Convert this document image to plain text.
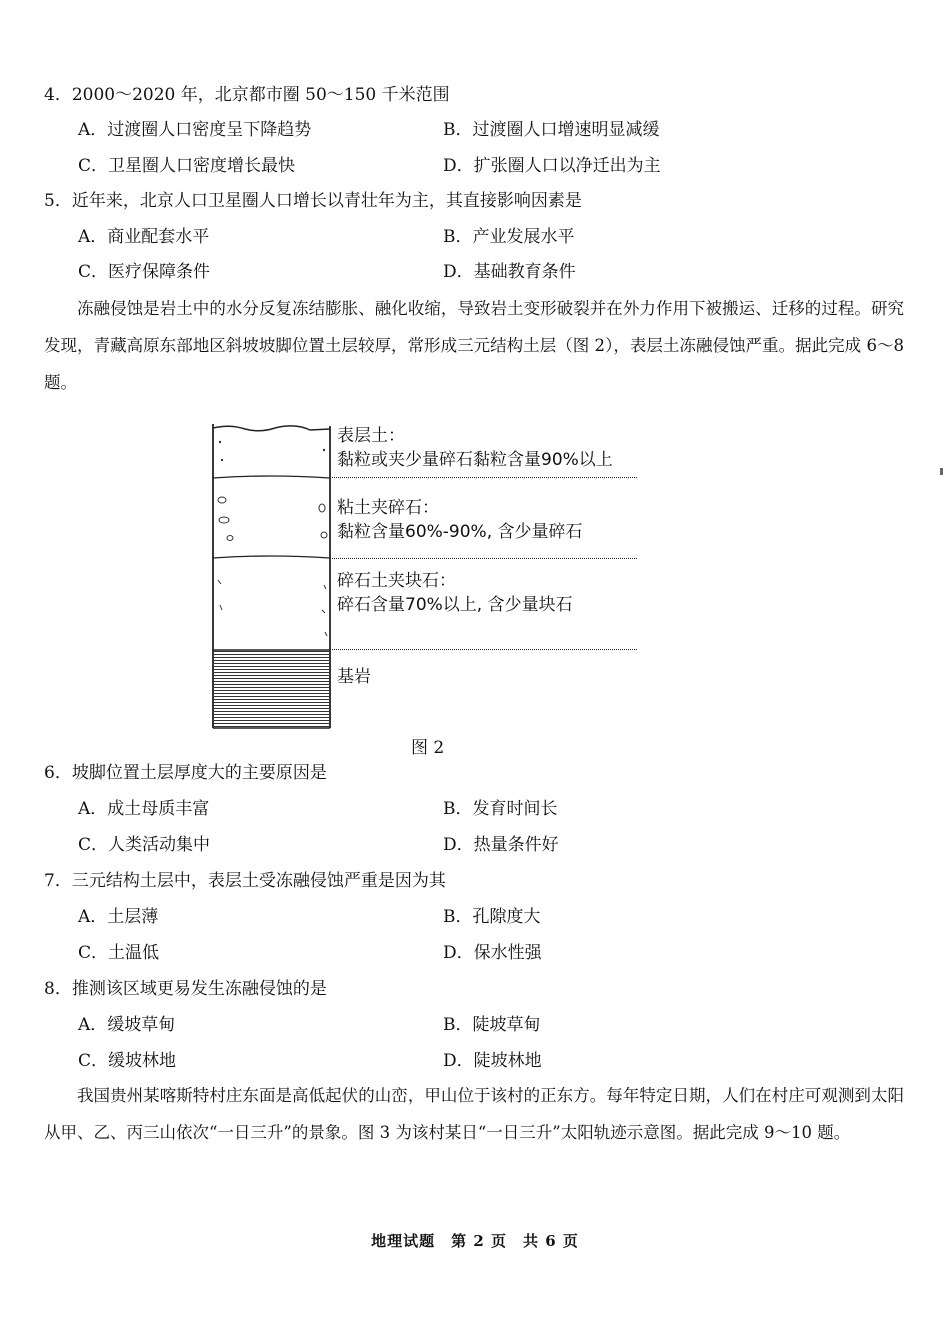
4．2000～2020 年，北京都市圈 50～150 千米范围
A．过渡圈人口密度呈下降趋势	B．过渡圈人口增速明显减缓
C．卫星圈人口密度增长最快	D．扩张圈人口以净迁出为主
5．近年来，北京人口卫星圈人口增长以青壮年为主，其直接影响因素是
A．商业配套水平	B．产业发展水平
C．医疗保障条件	D．基础教育条件
冻融侵蚀是岩土中的水分反复冻结膨胀、融化收缩，导致岩土变形破裂并在外力作用下被搬运、迁移的过程。研究发现，青藏高原东部地区斜坡坡脚位置土层较厚，常形成三元结构土层（图 2），表层土冻融侵蚀严重。据此完成 6～8 题。
表层土：
黏粒或夹少量碎石黏粒含量90%以上
粘土夹碎石：
黏粒含量60%-90%, 含少量碎石
碎石土夹块石：
碎石含量70%以上, 含少量块石
基岩
图 2
6．坡脚位置土层厚度大的主要原因是
A．成土母质丰富	B．发育时间长
C．人类活动集中	D．热量条件好
7．三元结构土层中，表层土受冻融侵蚀严重是因为其
A．土层薄	B．孔隙度大
C．土温低	D．保水性强
8．推测该区域更易发生冻融侵蚀的是
A．缓坡草甸	B．陡坡草甸
C．缓坡林地	D．陡坡林地
我国贵州某喀斯特村庄东面是高低起伏的山峦，甲山位于该村的正东方。每年特定日期，人们在村庄可观测到太阳从甲、乙、丙三山依次“一日三升”的景象。图 3 为该村某日“一日三升”太阳轨迹示意图。据此完成 9～10 题。
地理试题　第 2 页　共 6 页
